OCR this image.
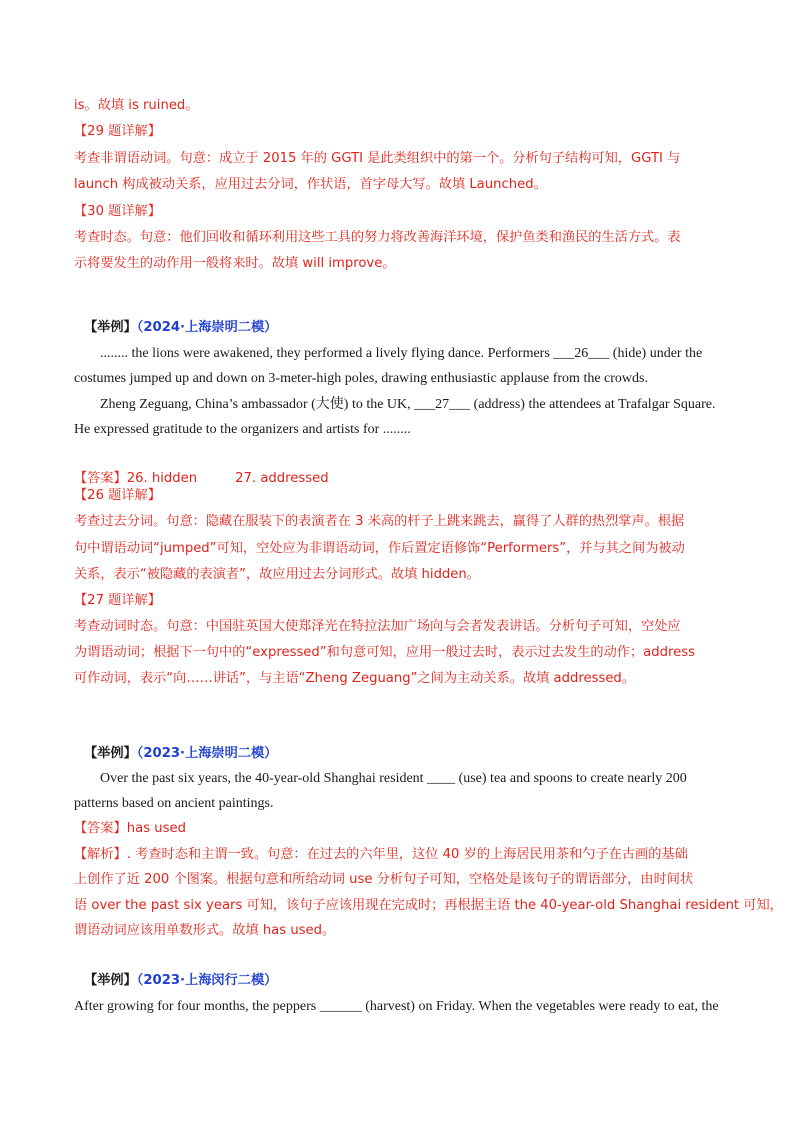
is。故填 is ruined。
【29 题详解】
考查非谓语动词。句意：成立于 2015 年的 GGTI 是此类组织中的第一个。分析句子结构可知，GGTI 与
launch 构成被动关系，应用过去分词，作状语，首字母大写。故填 Launched。
【30 题详解】
考查时态。句意：他们回收和循环利用这些工具的努力将改善海洋环境，保护鱼类和渔民的生活方式。表
示将要发生的动作用一般将来时。故填 will improve。
【举例】（2024·上海崇明二模）
........ the lions were awakened, they performed a lively flying dance. Performers ___26___ (hide) under the
costumes jumped up and down on 3-meter-high poles, drawing enthusiastic applause from the crowds.
Zheng Zeguang, China’s ambassador (大使) to the UK, ___27___ (address) the attendees at Trafalgar Square.
He expressed gratitude to the organizers and artists for ........
【答案】26. hidden	27. addressed
【26 题详解】
考查过去分词。句意：隐藏在服装下的表演者在 3 米高的杆子上跳来跳去，赢得了人群的热烈掌声。根据
句中谓语动词“jumped”可知，空处应为非谓语动词，作后置定语修饰“Performers”，并与其之间为被动
关系，表示“被隐藏的表演者”，故应用过去分词形式。故填 hidden。
【27 题详解】
考查动词时态。句意：中国驻英国大使郑泽光在特拉法加广场向与会者发表讲话。分析句子可知，空处应
为谓语动词；根据下一句中的“expressed”和句意可知，应用一般过去时，表示过去发生的动作；address
可作动词，表示“向……讲话”，与主语“Zheng Zeguang”之间为主动关系。故填 addressed。
【举例】（2023·上海崇明二模）
Over the past six years, the 40-year-old Shanghai resident ____ (use) tea and spoons to create nearly 200
patterns based on ancient paintings.
【答案】has used
【解析】. 考查时态和主谓一致。句意：在过去的六年里，这位 40 岁的上海居民用茶和勺子在古画的基础
上创作了近 200 个图案。根据句意和所给动词 use 分析句子可知，空格处是该句子的谓语部分，由时间状
语 over the past six years 可知，该句子应该用现在完成时；再根据主语 the 40-year-old Shanghai resident 可知，
谓语动词应该用单数形式。故填 has used。
【举例】（2023·上海闵行二模）
After growing for four months, the peppers ______ (harvest) on Friday. When the vegetables were ready to eat, the
